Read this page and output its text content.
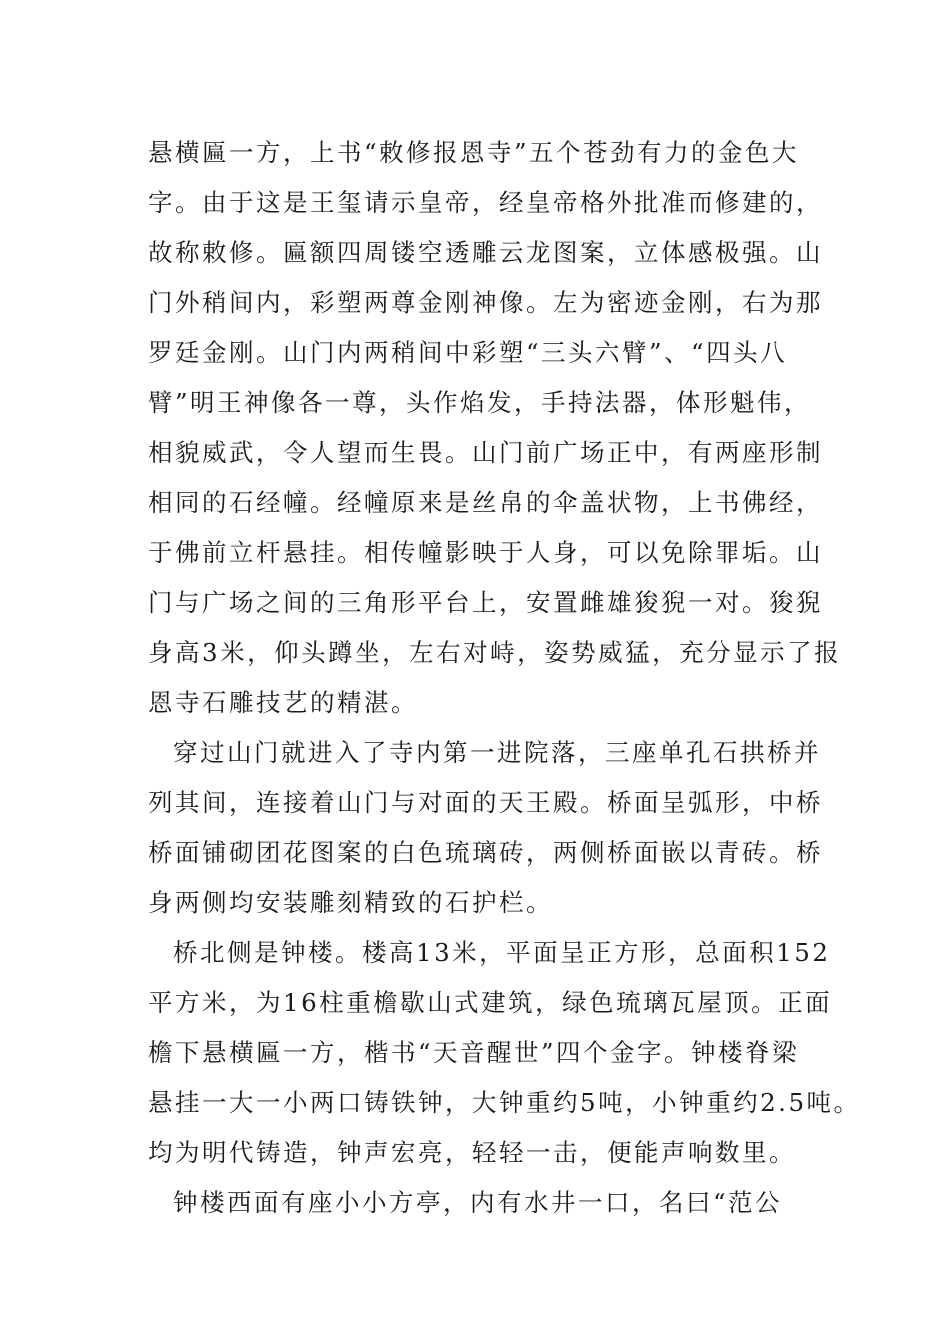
悬横匾一方，上书“敕修报恩寺”五个苍劲有力的金色大
字。由于这是王玺请示皇帝，经皇帝格外批准而修建的，
故称敕修。匾额四周镂空透雕云龙图案，立体感极强。山
门外稍间内，彩塑两尊金刚神像。左为密迹金刚，右为那
罗廷金刚。山门内两稍间中彩塑“三头六臂”、“四头八
臂”明王神像各一尊，头作焰发，手持法器，体形魁伟，
相貌威武，令人望而生畏。山门前广场正中，有两座形制
相同的石经幢。经幢原来是丝帛的伞盖状物，上书佛经，
于佛前立杆悬挂。相传幢影映于人身，可以免除罪垢。山
门与广场之间的三角形平台上，安置雌雄狻猊一对。狻猊
身高3米，仰头蹲坐，左右对峙，姿势威猛，充分显示了报
恩寺石雕技艺的精湛。
穿过山门就进入了寺内第一进院落，三座单孔石拱桥并
列其间，连接着山门与对面的天王殿。桥面呈弧形，中桥
桥面铺砌团花图案的白色琉璃砖，两侧桥面嵌以青砖。桥
身两侧均安装雕刻精致的石护栏。
桥北侧是钟楼。楼高13米，平面呈正方形，总面积152
平方米，为16柱重檐歇山式建筑，绿色琉璃瓦屋顶。正面
檐下悬横匾一方，楷书“天音醒世”四个金字。钟楼脊梁
悬挂一大一小两口铸铁钟，大钟重约5吨，小钟重约2.5吨。
均为明代铸造，钟声宏亮，轻轻一击，便能声响数里。
钟楼西面有座小小方亭，内有水井一口，名曰“范公
